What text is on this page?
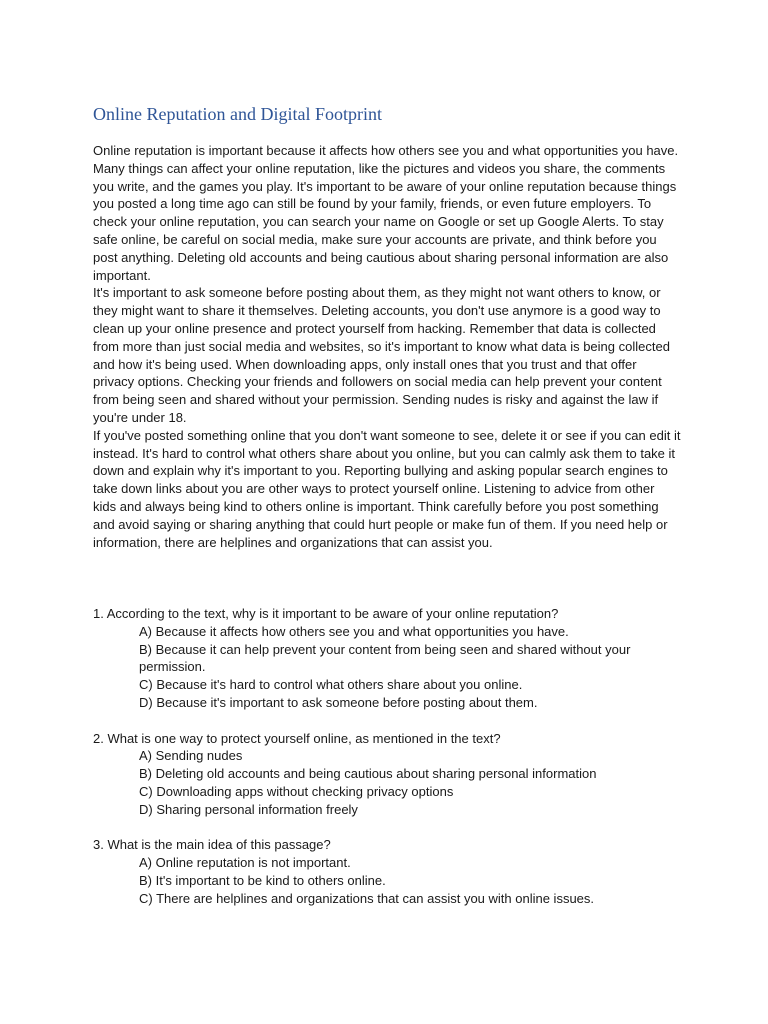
Online Reputation and Digital Footprint

Online reputation is important because it affects how others see you and what opportunities you have. Many things can affect your online reputation, like the pictures and videos you share, the comments you write, and the games you play. It's important to be aware of your online reputation because things you posted a long time ago can still be found by your family, friends, or even future employers. To check your online reputation, you can search your name on Google or set up Google Alerts. To stay safe online, be careful on social media, make sure your accounts are private, and think before you post anything. Deleting old accounts and being cautious about sharing personal information are also important.

It's important to ask someone before posting about them, as they might not want others to know, or they might want to share it themselves. Deleting accounts, you don't use anymore is a good way to clean up your online presence and protect yourself from hacking. Remember that data is collected from more than just social media and websites, so it's important to know what data is being collected and how it's being used. When downloading apps, only install ones that you trust and that offer privacy options. Checking your friends and followers on social media can help prevent your content from being seen and shared without your permission. Sending nudes is risky and against the law if you're under 18.

If you've posted something online that you don't want someone to see, delete it or see if you can edit it instead. It's hard to control what others share about you online, but you can calmly ask them to take it down and explain why it's important to you. Reporting bullying and asking popular search engines to take down links about you are other ways to protect yourself online. Listening to advice from other kids and always being kind to others online is important. Think carefully before you post something and avoid saying or sharing anything that could hurt people or make fun of them. If you need help or information, there are helplines and organizations that can assist you.

1. According to the text, why is it important to be aware of your online reputation?

A) Because it affects how others see you and what opportunities you have.
B) Because it can help prevent your content from being seen and shared without your permission.
C) Because it's hard to control what others share about you online.
D) Because it's important to ask someone before posting about them.

2. What is one way to protect yourself online, as mentioned in the text?

A) Sending nudes
B) Deleting old accounts and being cautious about sharing personal information
C) Downloading apps without checking privacy options
D) Sharing personal information freely

3. What is the main idea of this passage?

A) Online reputation is not important.
B) It's important to be kind to others online.
C) There are helplines and organizations that can assist you with online issues.
